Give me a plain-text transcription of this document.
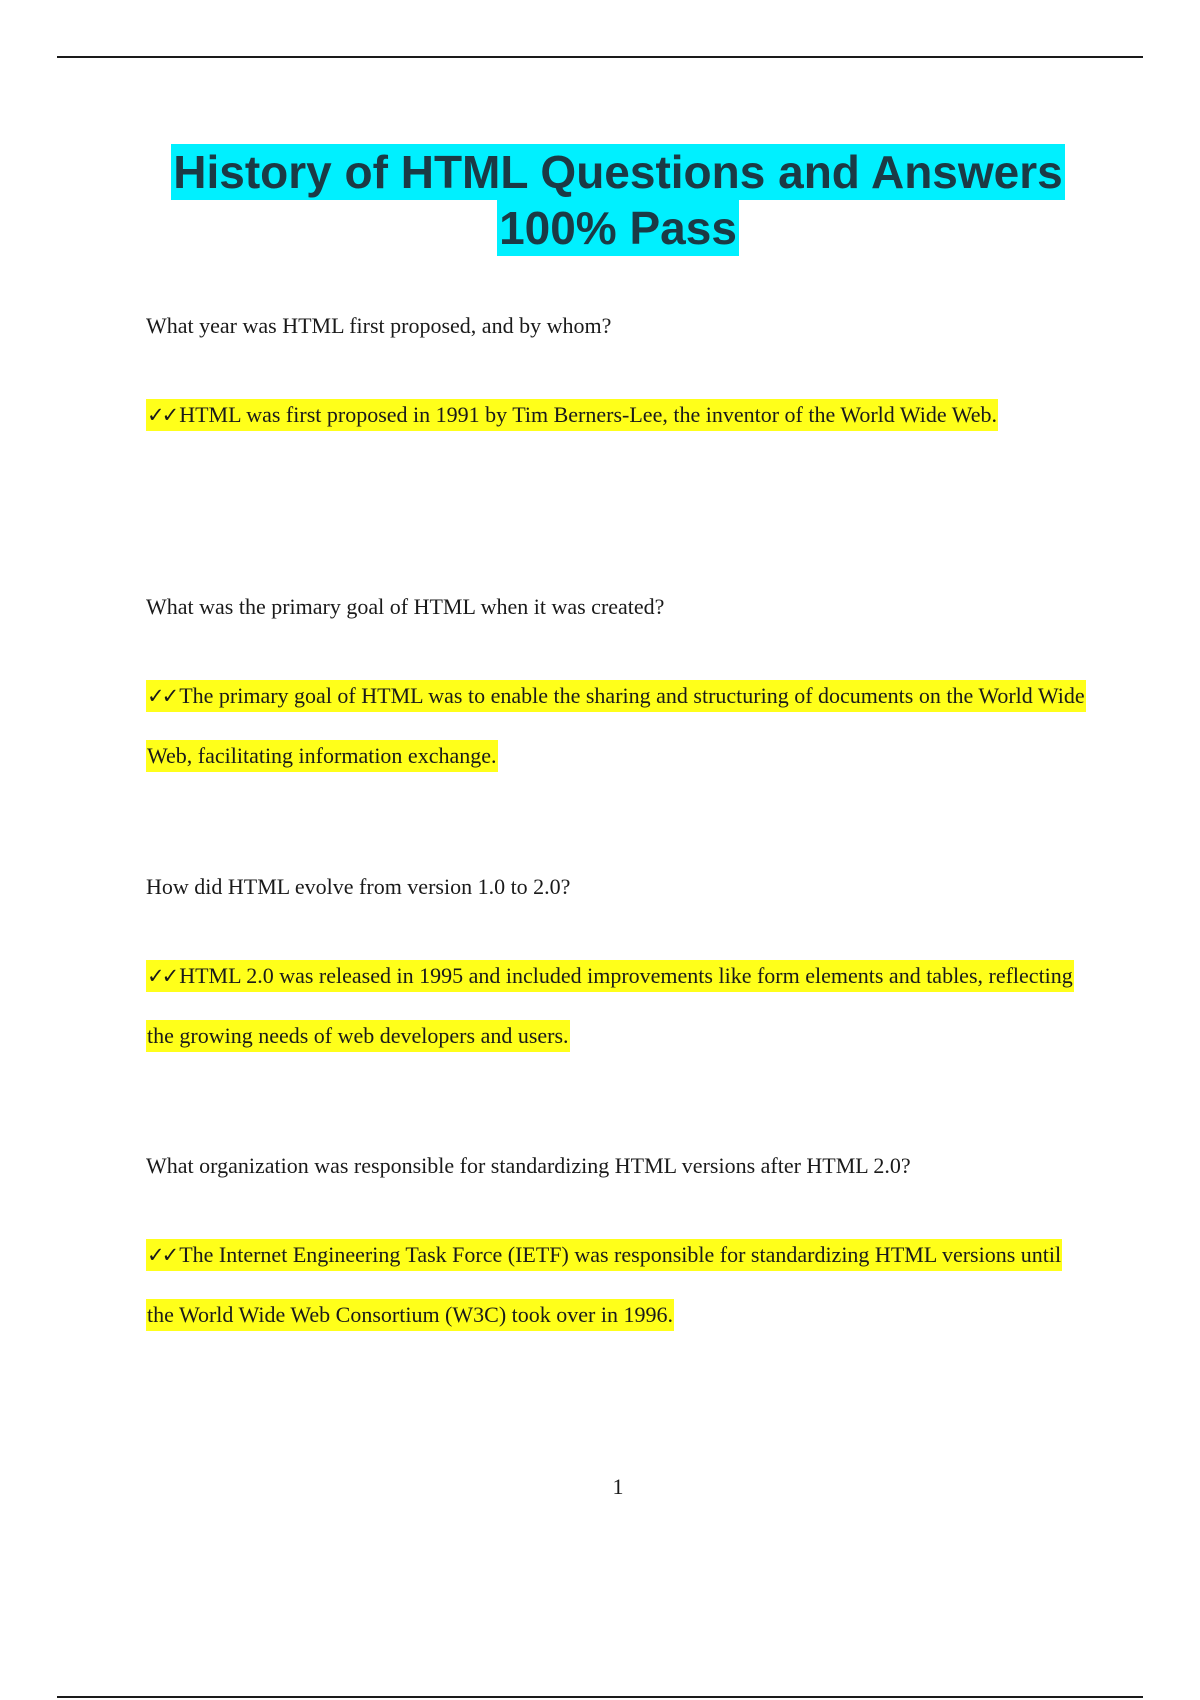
History of HTML Questions and Answers
100% Pass
What year was HTML first proposed, and by whom?
✓✓ HTML was first proposed in 1991 by Tim Berners-Lee, the inventor of the World Wide Web.
What was the primary goal of HTML when it was created?
✓✓ The primary goal of HTML was to enable the sharing and structuring of documents on the World Wide Web, facilitating information exchange.
How did HTML evolve from version 1.0 to 2.0?
✓✓ HTML 2.0 was released in 1995 and included improvements like form elements and tables, reflecting the growing needs of web developers and users.
What organization was responsible for standardizing HTML versions after HTML 2.0?
✓✓ The Internet Engineering Task Force (IETF) was responsible for standardizing HTML versions until the World Wide Web Consortium (W3C) took over in 1996.
1
